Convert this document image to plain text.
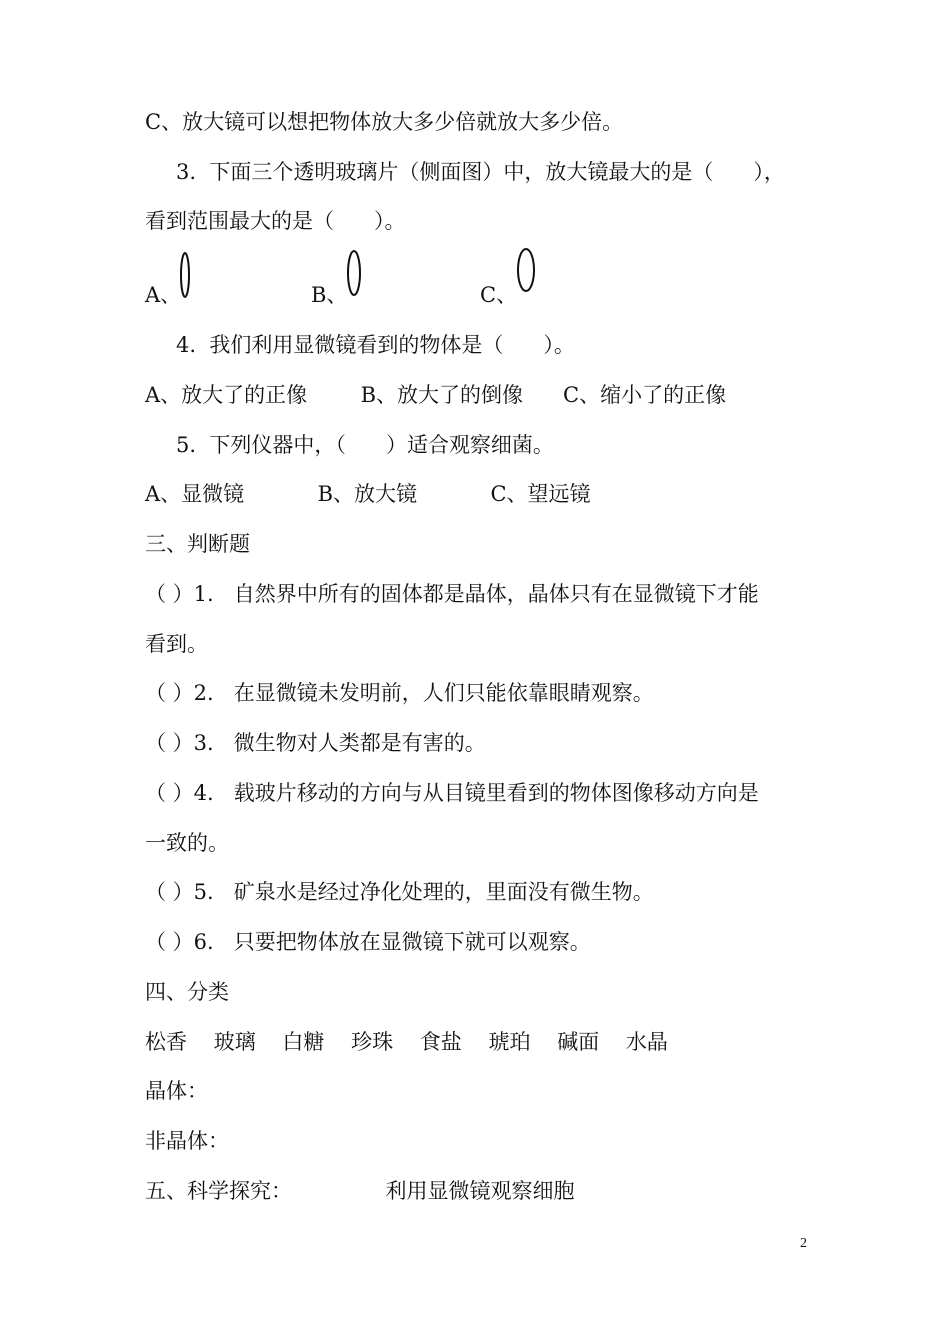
C、放大镜可以想把物体放大多少倍就放大多少倍。
3.  下面三个透明玻璃片（侧面图）中，放大镜最大的是（      ），
看到范围最大的是（      ）。
A、	B、	C、
4.  我们利用显微镜看到的物体是（      ）。
A、放大了的正像        B、放大了的倒像      C、缩小了的正像
5.  下列仪器中，（      ）适合观察细菌。
A、显微镜           B、放大镜           C、望远镜
三、判断题
（ ）1.   自然界中所有的固体都是晶体，晶体只有在显微镜下才能
看到。
（ ）2.   在显微镜未发明前，人们只能依靠眼睛观察。
（ ）3.   微生物对人类都是有害的。
（ ）4.   载玻片移动的方向与从目镜里看到的物体图像移动方向是
一致的。
（ ）5.   矿泉水是经过净化处理的，里面没有微生物。
（ ）6.   只要把物体放在显微镜下就可以观察。
四、分类
松香    玻璃    白糖    珍珠    食盐    琥珀    碱面    水晶
晶体：
非晶体：
五、科学探究：              利用显微镜观察细胞
2
